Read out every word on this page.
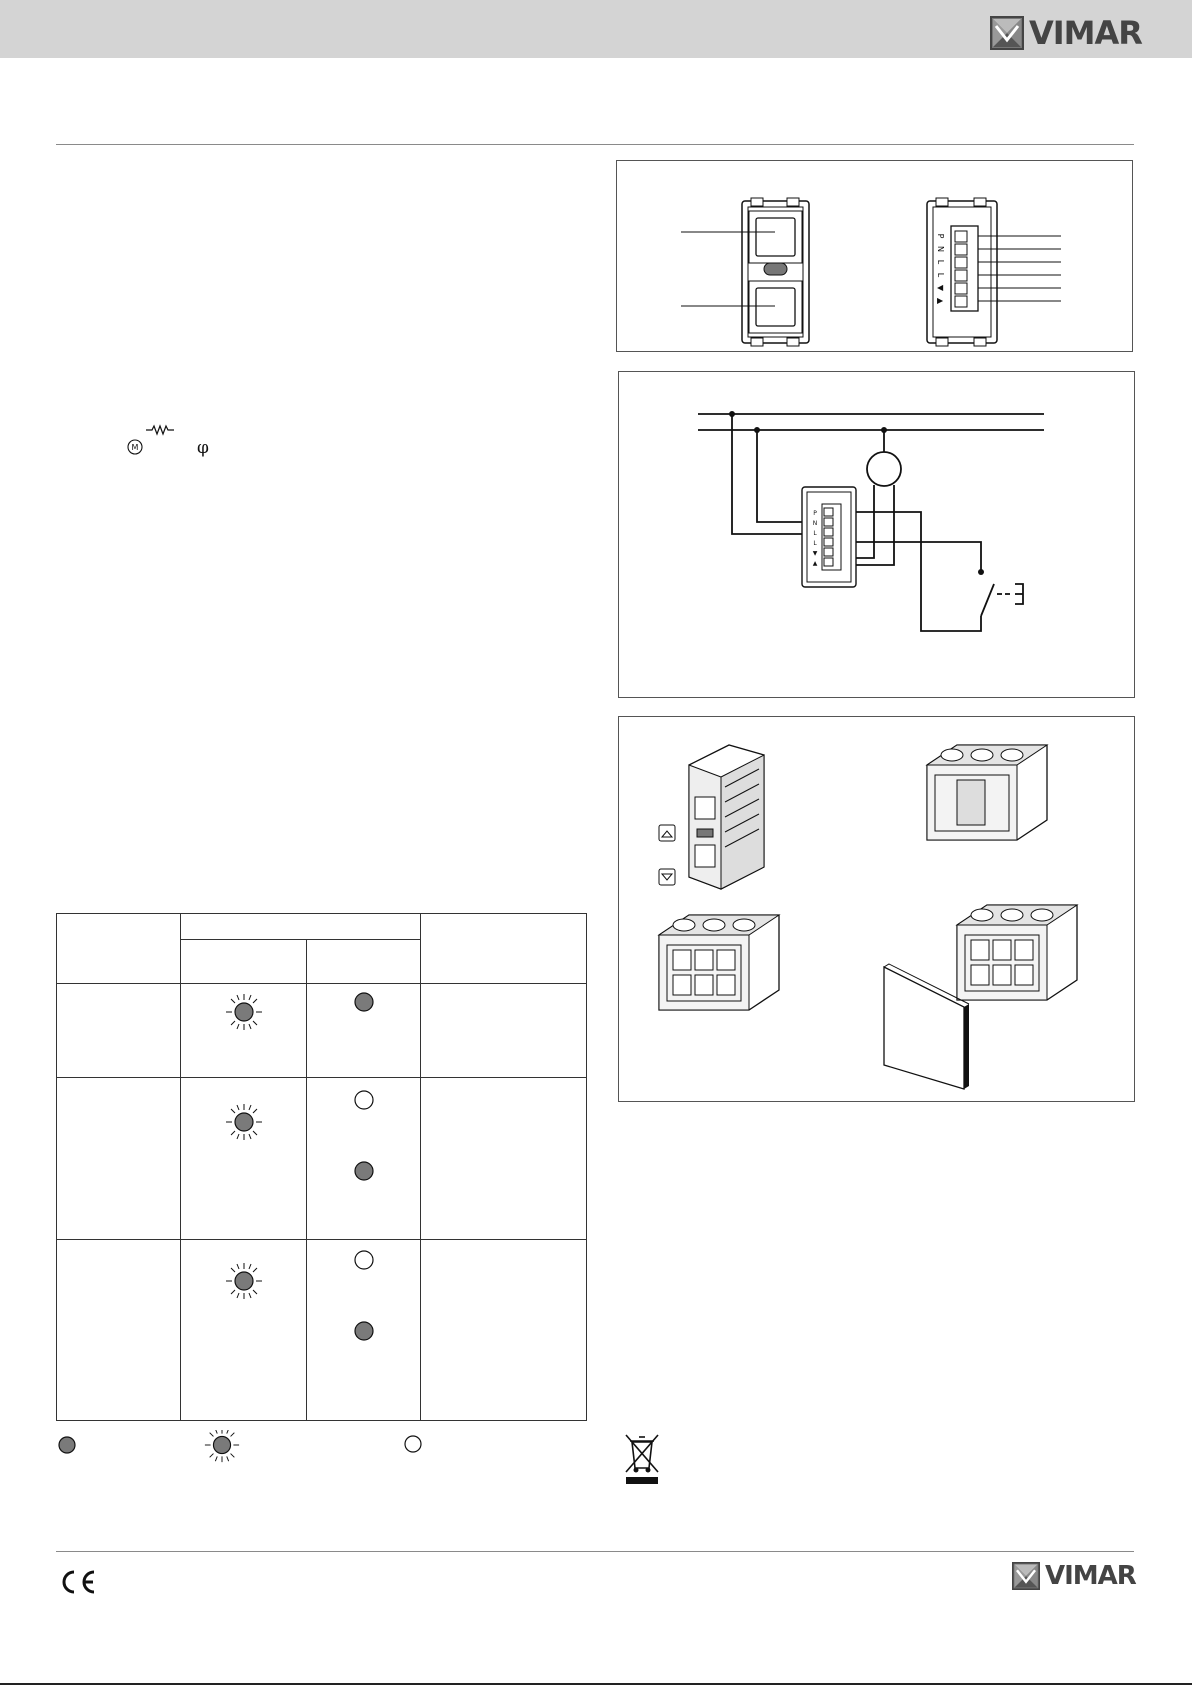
VIMAR
M	φ
P
N
L
L
▼
▲
P
N
L
L
▼
▲

VIMAR
